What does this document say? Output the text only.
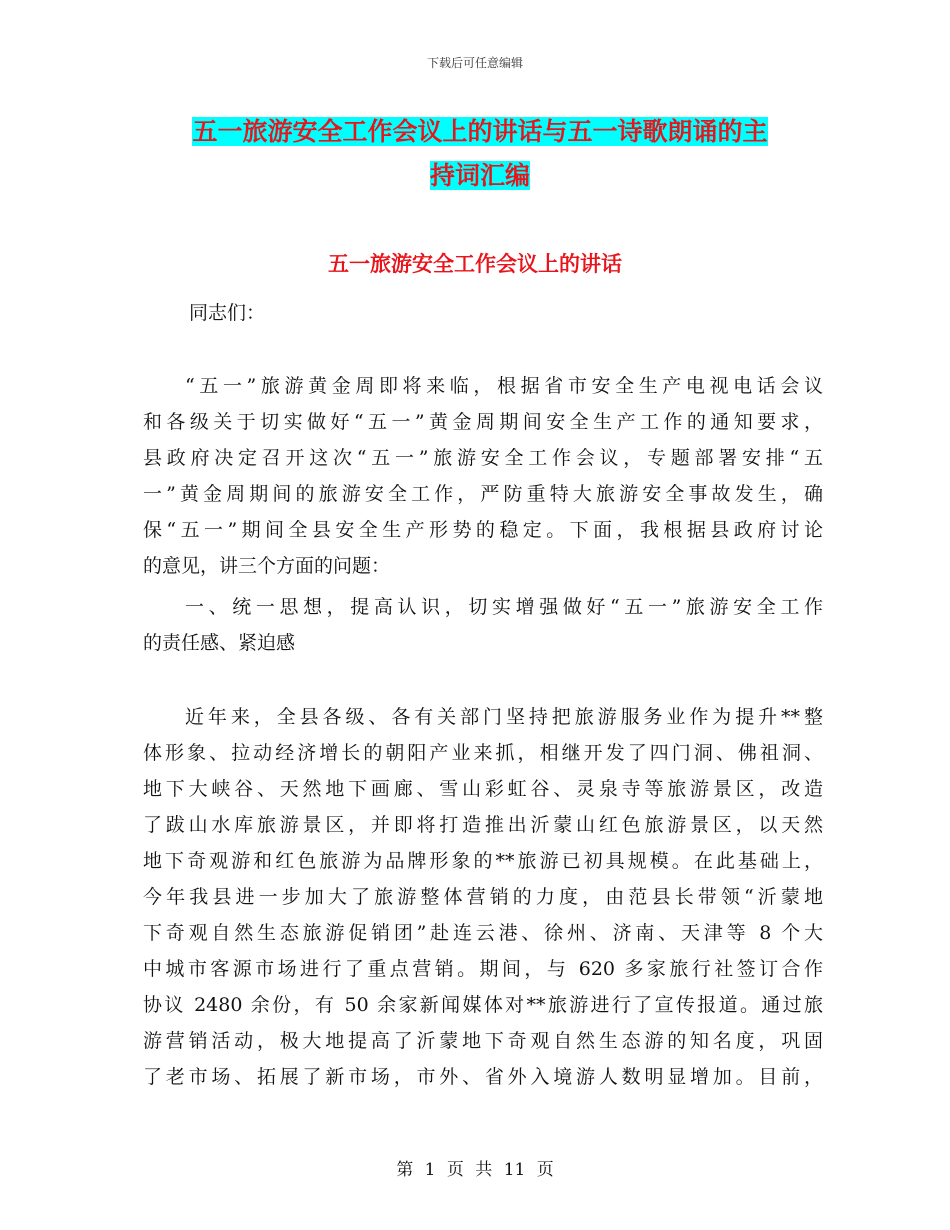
下载后可任意编辑
五一旅游安全工作会议上的讲话与五一诗歌朗诵的主
持词汇编
五一旅游安全工作会议上的讲话
同志们：
“五一”旅游黄金周即将来临，根据省市安全生产电视电话会议
和各级关于切实做好“五一”黄金周期间安全生产工作的通知要求，
县政府决定召开这次“五一”旅游安全工作会议，专题部署安排“五
一”黄金周期间的旅游安全工作，严防重特大旅游安全事故发生，确
保“五一”期间全县安全生产形势的稳定。下面，我根据县政府讨论
的意见，讲三个方面的问题：
一、统一思想，提高认识，切实增强做好“五一”旅游安全工作
的责任感、紧迫感
近年来，全县各级、各有关部门坚持把旅游服务业作为提升**整
体形象、拉动经济增长的朝阳产业来抓，相继开发了四门洞、佛祖洞、
地下大峡谷、天然地下画廊、雪山彩虹谷、灵泉寺等旅游景区，改造
了跋山水库旅游景区，并即将打造推出沂蒙山红色旅游景区，以天然
地下奇观游和红色旅游为品牌形象的**旅游已初具规模。在此基础上，
今年我县进一步加大了旅游整体营销的力度，由范县长带领“沂蒙地
下奇观自然生态旅游促销团”赴连云港、徐州、济南、天津等 8 个大
中城市客源市场进行了重点营销。期间，与 620 多家旅行社签订合作
协议 2480 余份，有 50 余家新闻媒体对**旅游进行了宣传报道。通过旅
游营销活动，极大地提高了沂蒙地下奇观自然生态游的知名度，巩固
了老市场、拓展了新市场，市外、省外入境游人数明显增加。目前，
第 1 页 共 11 页
